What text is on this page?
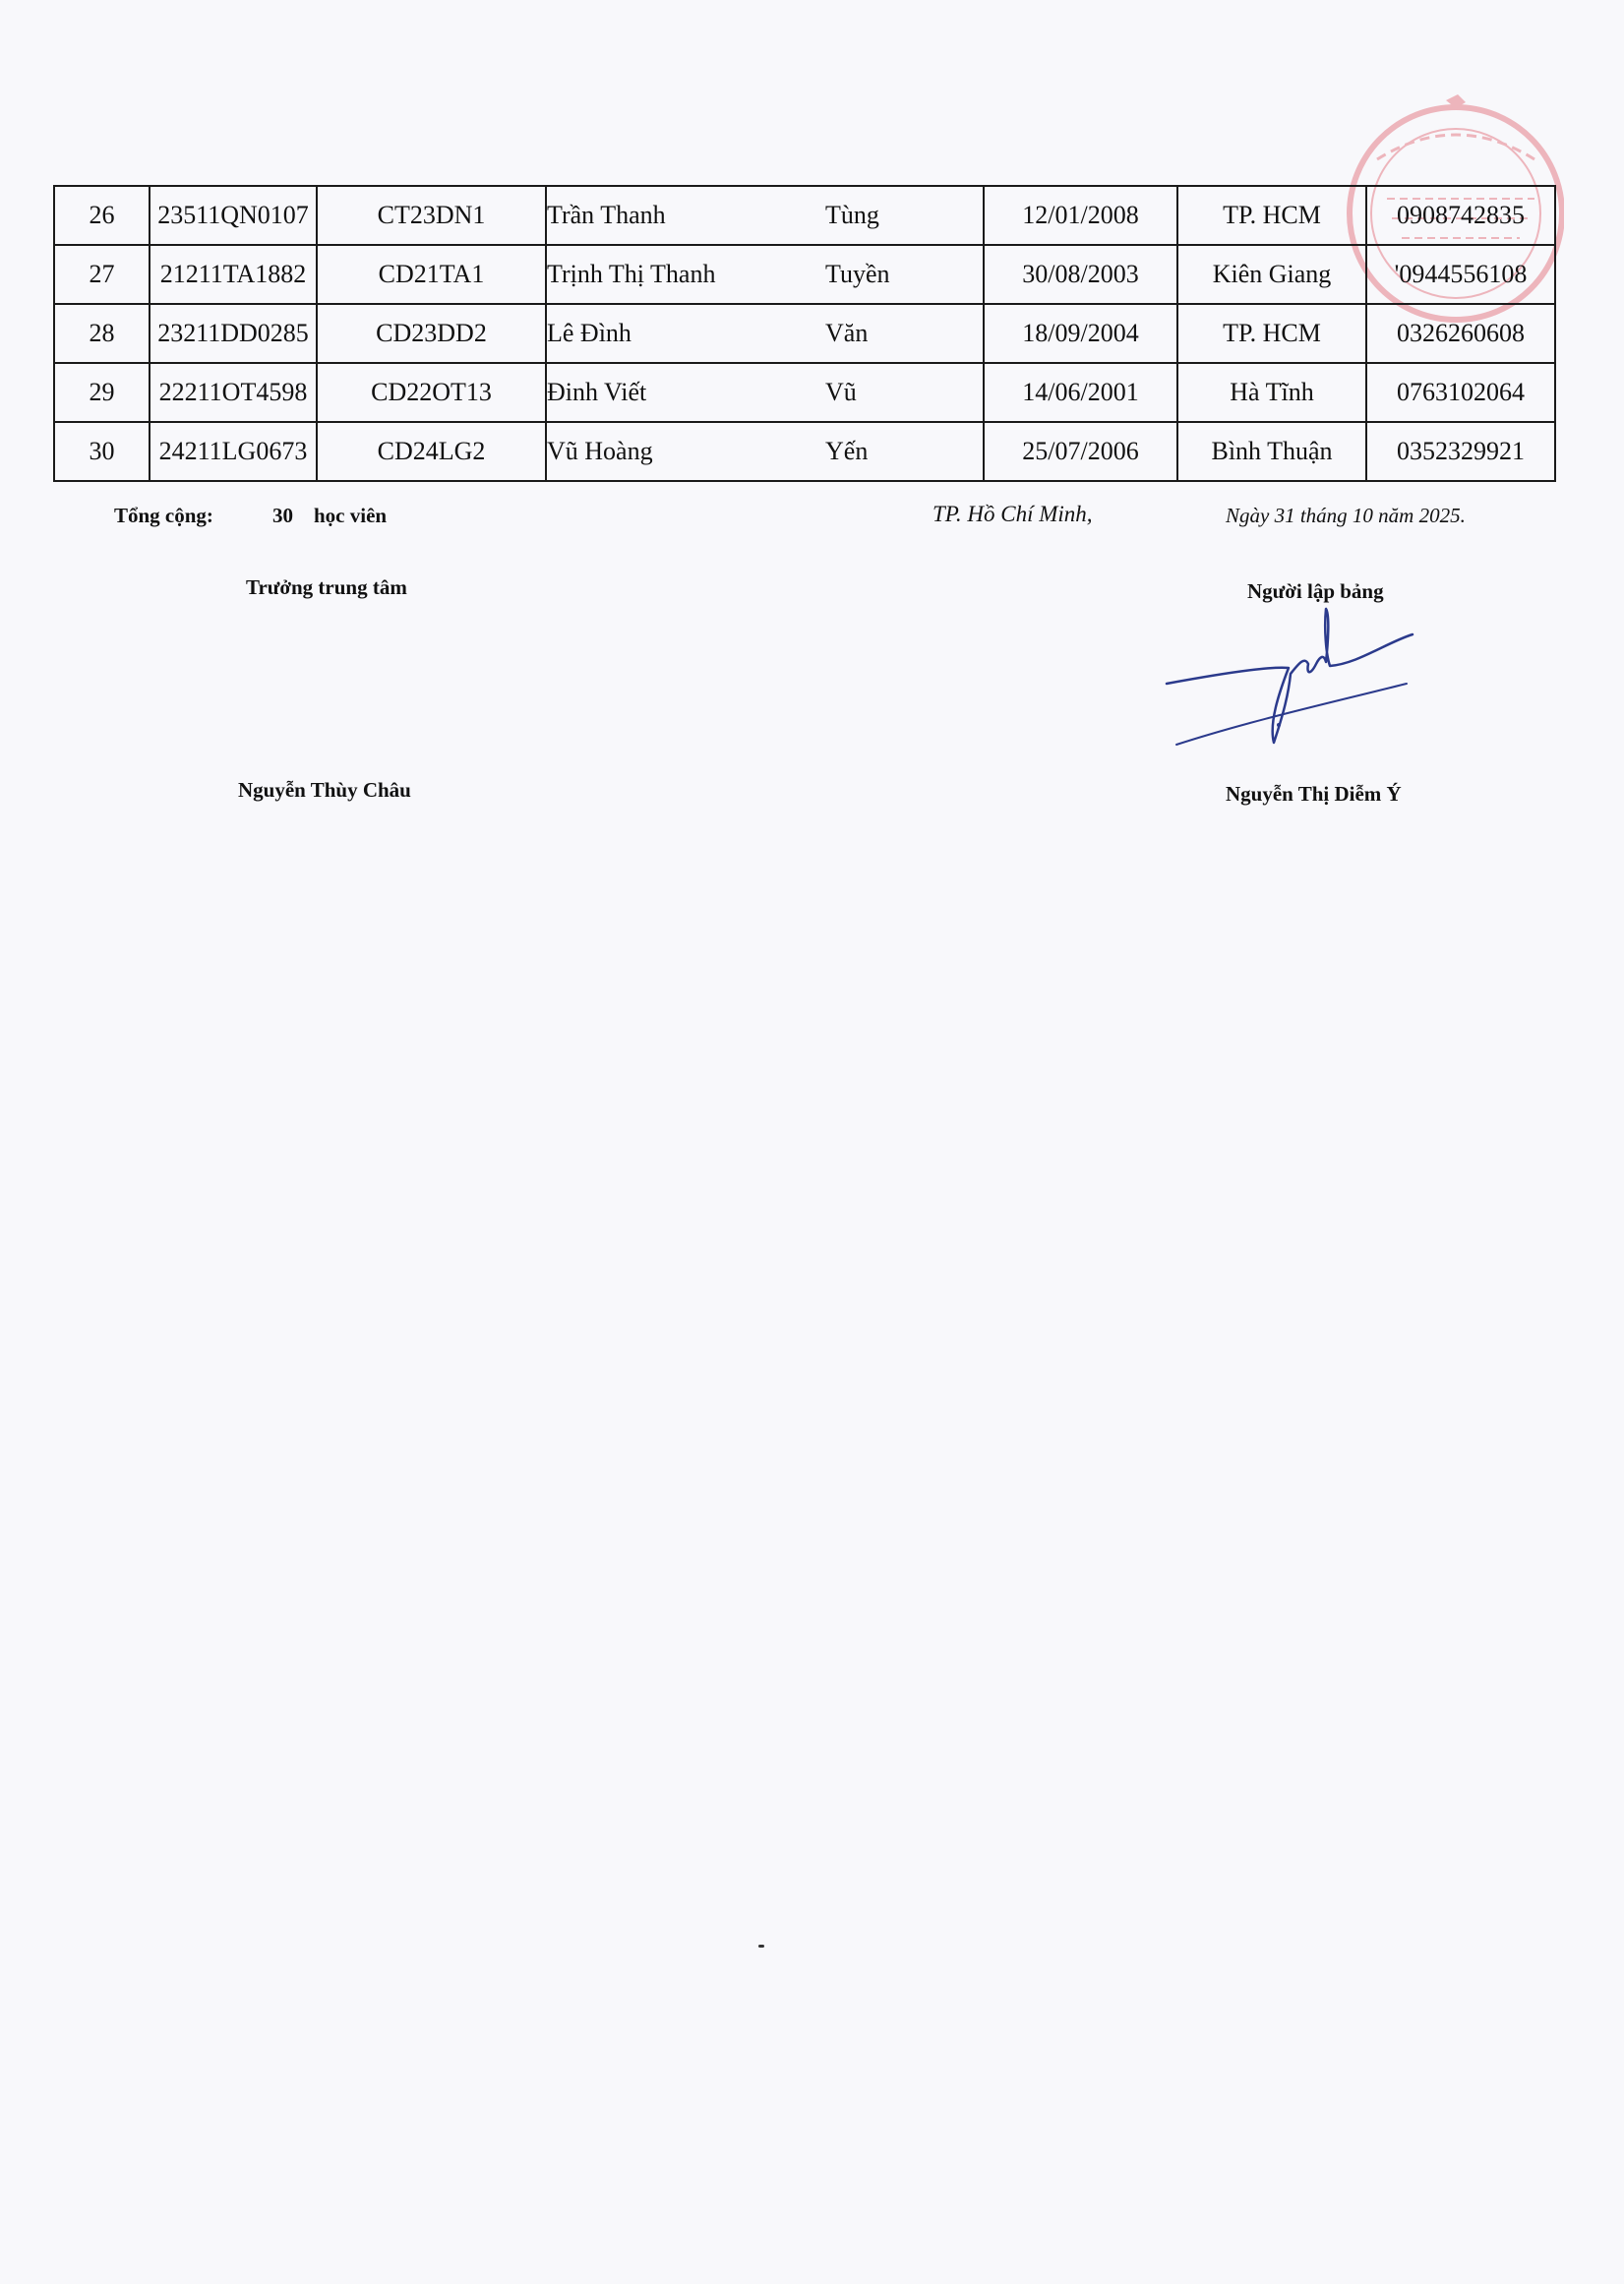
26	23511QN0107	CT23DN1	Trần Thanh	Tùng	12/01/2008	TP. HCM	0908742835
27	21211TA1882	CD21TA1	Trịnh Thị Thanh	Tuyền	30/08/2003	Kiên Giang	'0944556108
28	23211DD0285	CD23DD2	Lê Đình	Văn	18/09/2004	TP. HCM	0326260608
29	22211OT4598	CD22OT13	Đinh Viết	Vũ	14/06/2001	Hà Tĩnh	0763102064
30	24211LG0673	CD24LG2	Vũ Hoàng	Yến	25/07/2006	Bình Thuận	0352329921
Tổng cộng:	30 học viên	TP. Hồ Chí Minh,	Ngày 31 tháng 10 năm 2025.
Trưởng trung tâm	Người lập bảng
Nguyễn Thùy Châu	Nguyễn Thị Diễm Ý
